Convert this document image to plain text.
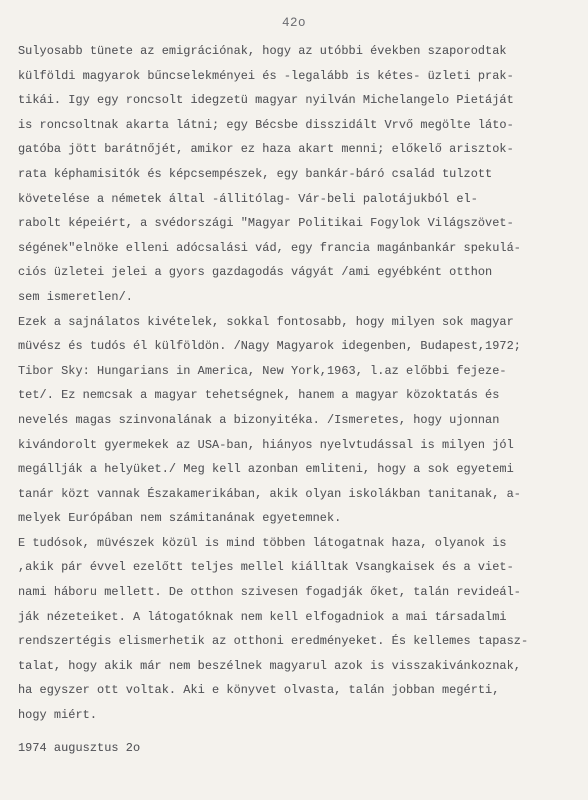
42o
Sulyosabb tünete az emigrációnak, hogy az utóbbi években szaporodtak
külföldi magyarok bűncselekményei és -legalább is kétes- üzleti prak-
tikái. Igy egy roncsolt idegzetü magyar nyilván Michelangelo Pietáját
is roncsoltnak akarta látni; egy Bécsbe disszidált Vrvő megölte láto-
gatóba jött barátnőjét, amikor ez haza akart menni; előkelő arisztok-
rata képhamisitók és képcsempészek, egy bankár-báró család tulzott
követelése a németek által -állitólag- Vár-beli palotájukból el-
rabolt képeiért, a svédországi "Magyar Politikai Fogylok Világszövet-
ségének"elnöke elleni adócsalási vád, egy francia magánbankár spekulá-
ciós üzletei jelei a gyors gazdagodás vágyát /ami egyébként otthon
sem ismeretlen/.
Ezek a sajnálatos kivételek, sokkal fontosabb, hogy milyen sok magyar
müvész és tudós él külföldön. /Nagy Magyarok idegenben, Budapest,1972;
Tibor Sky: Hungarians in America, New York,1963, l.az előbbi fejeze-
tet/. Ez nemcsak a magyar tehetségnek, hanem a magyar közoktatás és
nevelés magas szinvonalának a bizonyitéka. /Ismeretes, hogy ujonnan
kivándorolt gyermekek az USA-ban, hiányos nyelvtudással is milyen jól
megállják a helyüket./ Meg kell azonban emliteni, hogy a sok egyetemi
tanár közt vannak Északamerikában, akik olyan iskolákban tanitanak, a-
melyek Európában nem számitanának egyetemnek.
E tudósok, müvészek közül is mind többen látogatnak haza, olyanok is
,akik pár évvel ezelőtt teljes mellel kiálltak Vsangkaisek és a viet-
nami háboru mellett. De otthon szivesen fogadják őket, talán revideál-
ják nézeteiket. A látogatóknak nem kell elfogadniok a mai társadalmi
rendszertégis elismerhetik az otthoni eredményeket. És kellemes tapasz-
talat, hogy akik már nem beszélnek magyarul azok is visszakivánkoznak,
ha egyszer ott voltak. Aki e könyvet olvasta, talán jobban megérti,
hogy miért.
1974 augusztus 2o
